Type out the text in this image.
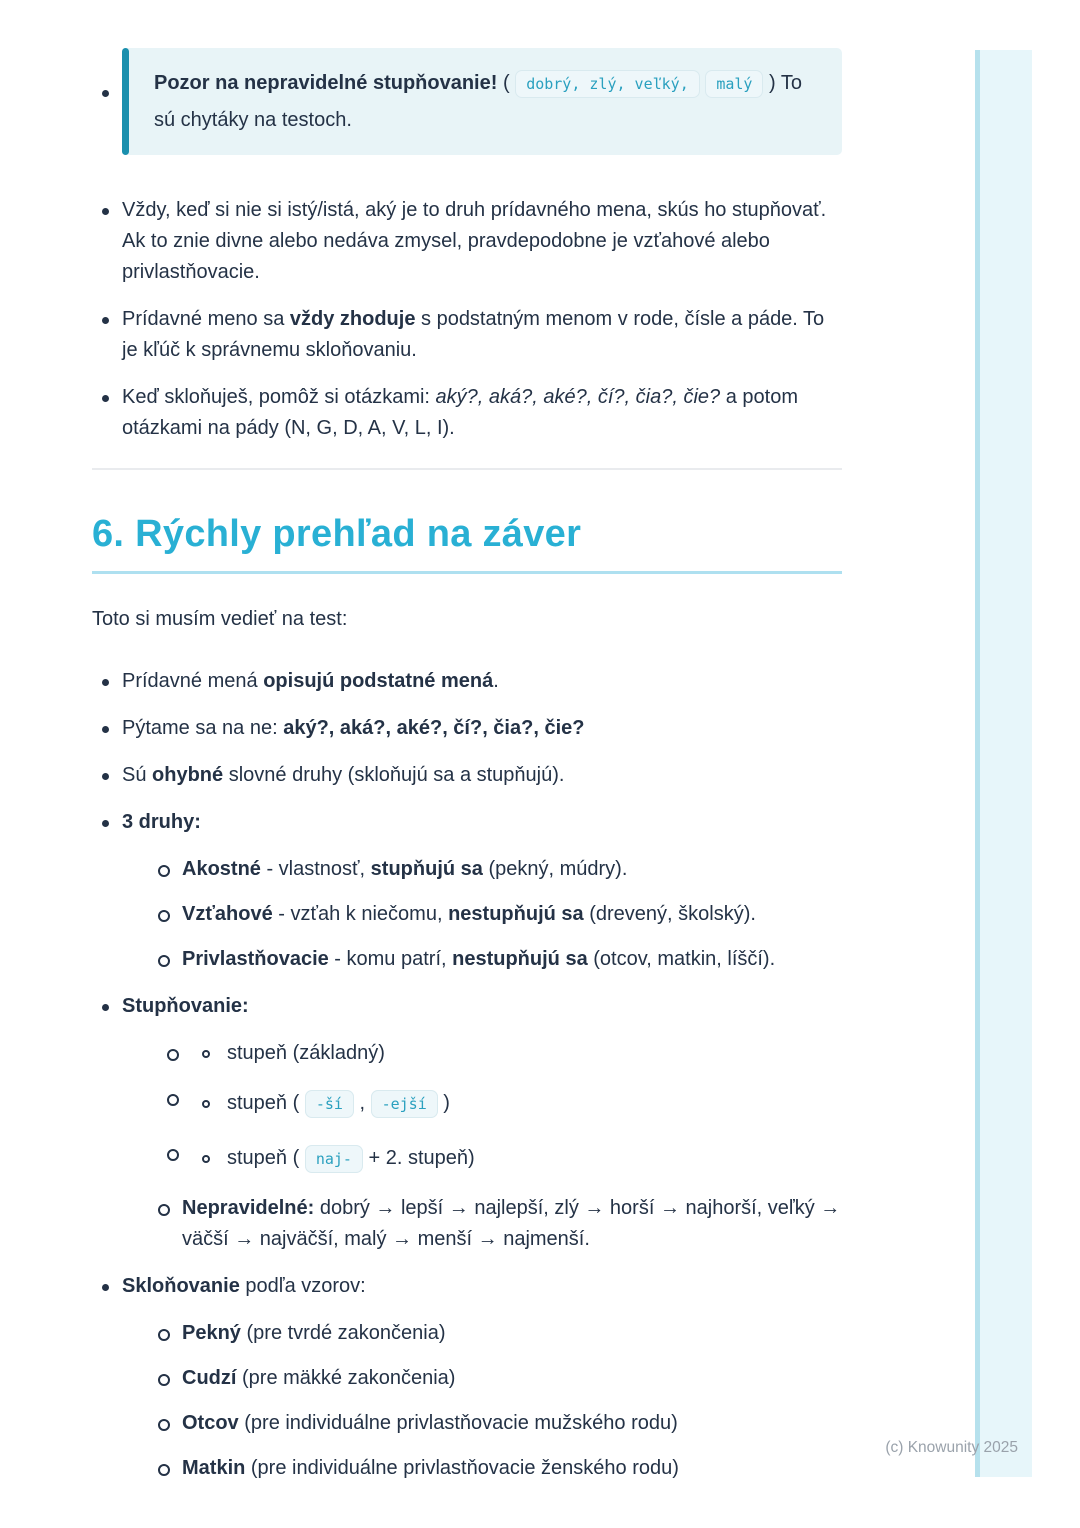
Pozor na nepravidelné stupňovanie! ( dobrý, zlý, veľký, malý ) To sú chytáky na testoch.
Vždy, keď si nie si istý/istá, aký je to druh prídavného mena, skús ho stupňovať. Ak to znie divne alebo nedáva zmysel, pravdepodobne je vzťahové alebo privlastňovacie.
Prídavné meno sa vždy zhoduje s podstatným menom v rode, čísle a páde. To je kľúč k správnemu skloňovaniu.
Keď skloňuješ, pomôž si otázkami: aký?, aká?, aké?, čí?, čia?, čie? a potom otázkami na pády (N, G, D, A, V, L, I).
6. Rýchly prehľad na záver

Toto si musím vedieť na test:

Prídavné mená opisujú podstatné mená.
Pýtame sa na ne: aký?, aká?, aké?, čí?, čia?, čie?
Sú ohybné slovné druhy (skloňujú sa a stupňujú).
3 druhy:
Akostné - vlastnosť, stupňujú sa (pekný, múdry).
Vzťahové - vzťah k niečomu, nestupňujú sa (drevený, školský).
Privlastňovacie - komu patrí, nestupňujú sa (otcov, matkin, líščí).
Stupňovanie:
stupeň (základný)
stupeň ( -ší , -ejší )
stupeň ( naj- + 2. stupeň)
Nepravidelné: dobrý → lepší → najlepší, zlý → horší → najhorší, veľký → väčší → najväčší, malý → menší → najmenší.
Skloňovanie podľa vzorov:
Pekný (pre tvrdé zakončenia)
Cudzí (pre mäkké zakončenia)
Otcov (pre individuálne privlastňovacie mužského rodu)
Matkin (pre individuálne privlastňovacie ženského rodu)
(c) Knowunity 2025
